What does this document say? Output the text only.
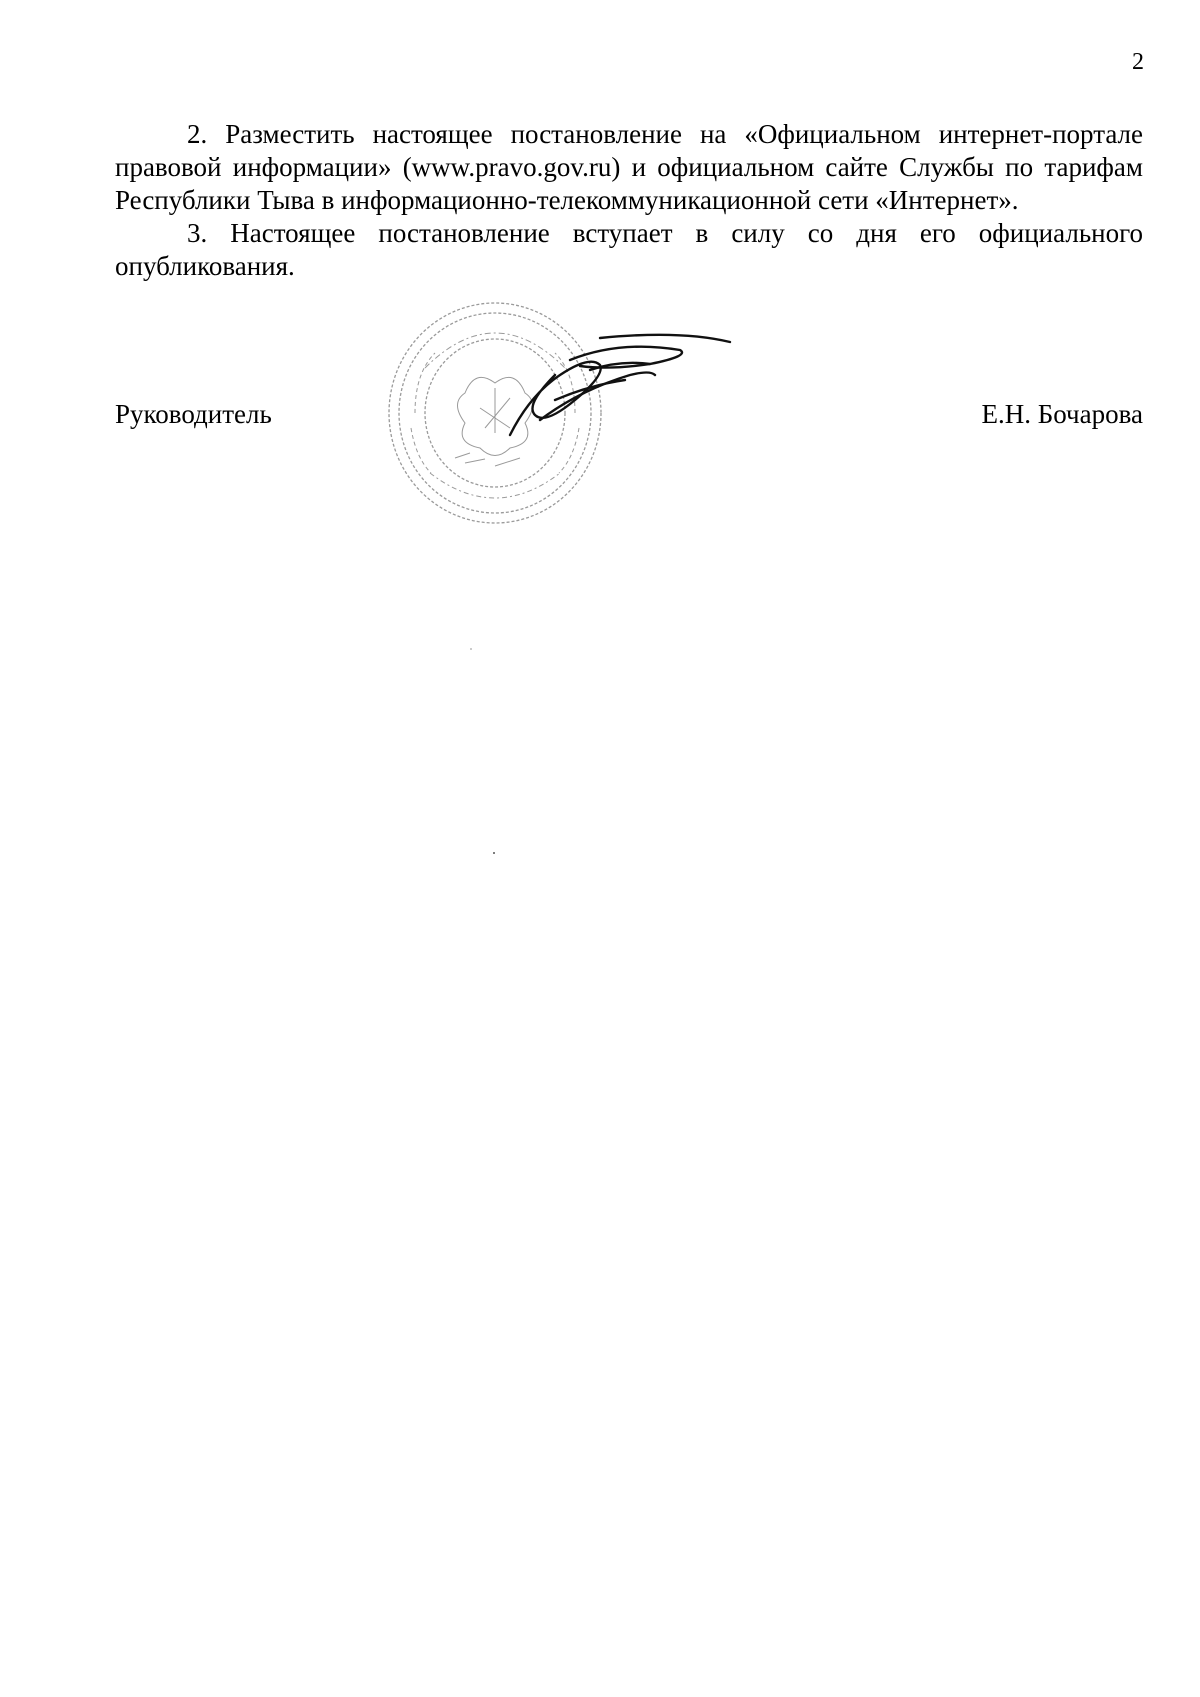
2

2. Разместить настоящее постановление на «Официальном интернет-портале правовой информации» (www.pravo.gov.ru) и официальном сайте Службы по тарифам Республики Тыва в информационно-телекоммуникационной сети «Интернет».

3. Настоящее постановление вступает в силу со дня его официального опубликования.

Руководитель	Е.Н. Бочарова
